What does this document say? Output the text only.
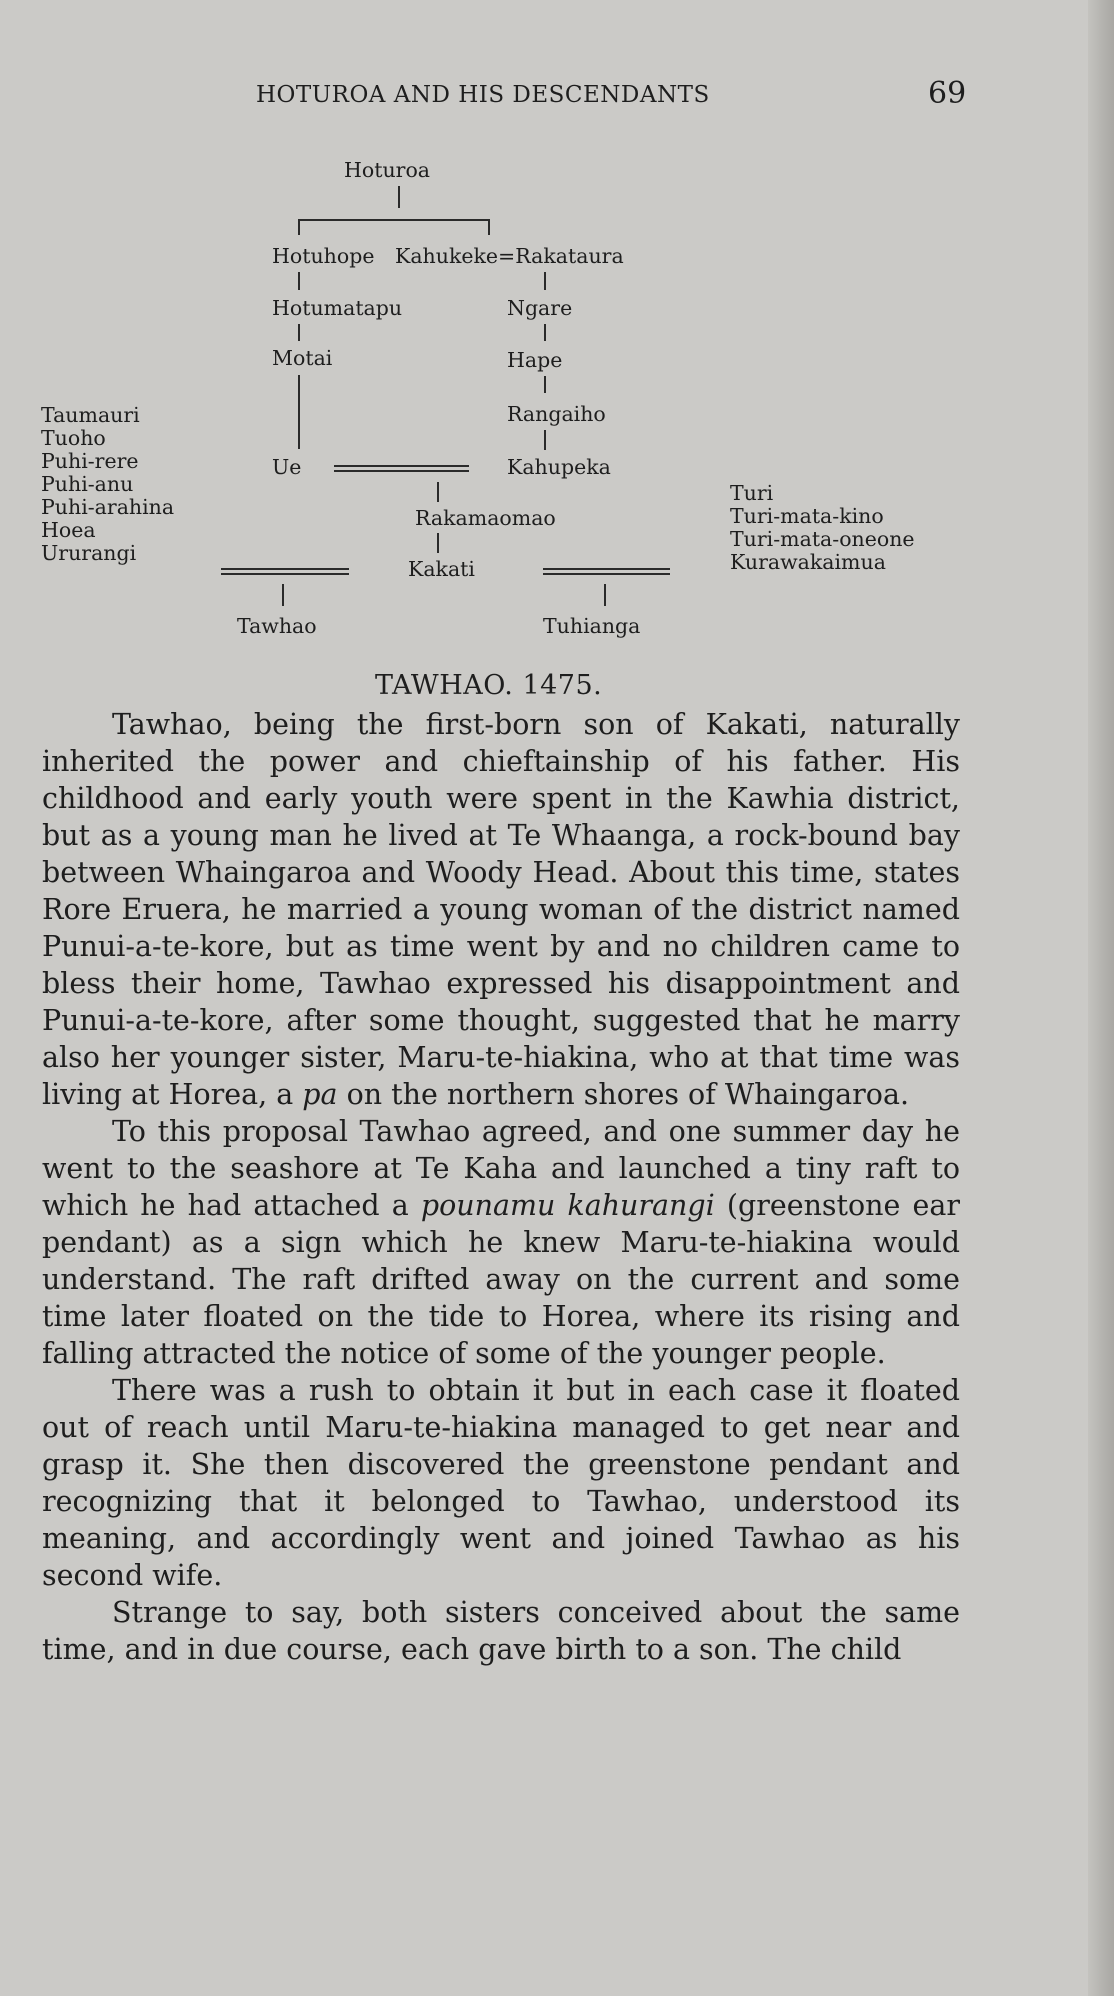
HOTUROA AND HIS DESCENDANTS	69
Hoturoa
Hotuhope Kahukeke=Rakataura
Hotumatapu	Ngare
Motai	Hape
Rangaiho
Taumauri
Tuoho
Puhi-rere
Puhi-anu
Puhi-arahina
Hoea
Ururangi
Ue	Kahupeka
Turi
Turi-mata-kino
Turi-mata-oneone
Kurawakaimua
Rakamaomao
Kakati
Tawhao	Tuhianga
TAWHAO. 1475.

Tawhao, being the first-born son of Kakati, naturally inherited the power and chieftainship of his father. His childhood and early youth were spent in the Kawhia district, but as a young man he lived at Te Whaanga, a rock-bound bay between Whaingaroa and Woody Head. About this time, states Rore Eruera, he married a young woman of the district named Punui-a-te-kore, but as time went by and no children came to bless their home, Tawhao expressed his disappointment and Punui-a-te-kore, after some thought, suggested that he marry also her younger sister, Maru-te-hiakina, who at that time was living at Horea, a pa on the northern shores of Whaingaroa.

To this proposal Tawhao agreed, and one summer day he went to the seashore at Te Kaha and launched a tiny raft to which he had attached a pounamu kahurangi (greenstone ear pendant) as a sign which he knew Maru-te-hiakina would understand. The raft drifted away on the current and some time later floated on the tide to Horea, where its rising and falling attracted the notice of some of the younger people.

There was a rush to obtain it but in each case it floated out of reach until Maru-te-hiakina managed to get near and grasp it. She then discovered the greenstone pendant and recognizing that it belonged to Tawhao, understood its meaning, and accordingly went and joined Tawhao as his second wife.

Strange to say, both sisters conceived about the same time, and in due course, each gave birth to a son. The child
